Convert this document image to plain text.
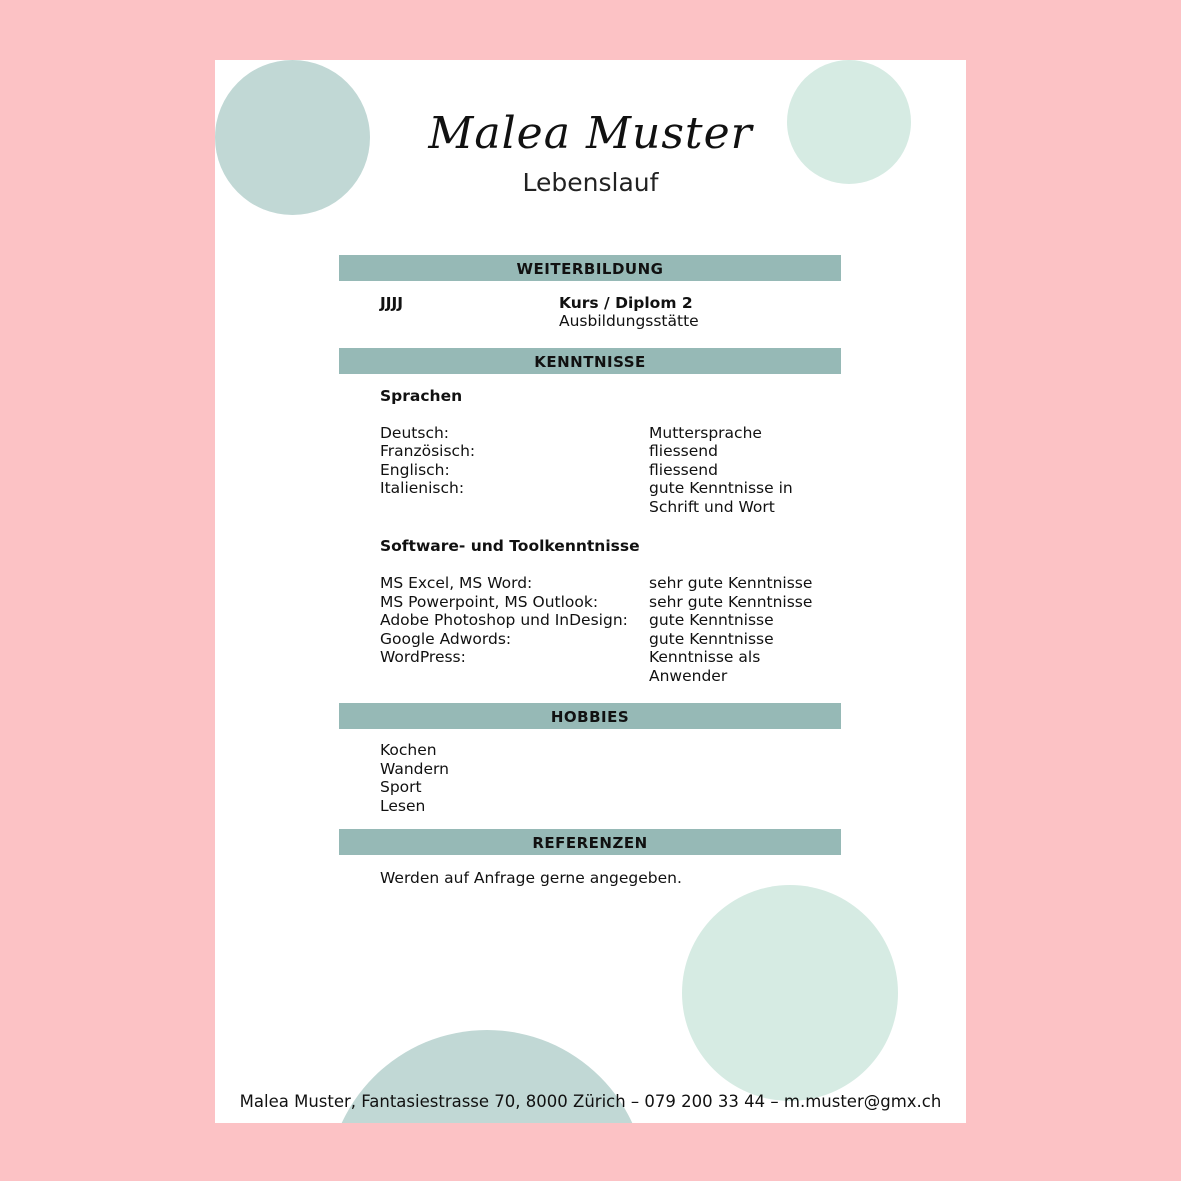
Malea Muster
Lebenslauf
WEITERBILDUNG
JJJJ	Kurs / Diplom 2
Ausbildungsstätte
KENNTNISSE
Sprachen
Deutsch:	Muttersprache
Französisch:	fliessend
Englisch:	fliessend
Italienisch:	gute Kenntnisse in
Schrift und Wort
Software- und Toolkenntnisse
MS Excel, MS Word:	sehr gute Kenntnisse
MS Powerpoint, MS Outlook:	sehr gute Kenntnisse
Adobe Photoshop und InDesign: gute Kenntnisse
Google Adwords:	gute Kenntnisse
WordPress:	Kenntnisse als
Anwender
HOBBIES
Kochen
Wandern
Sport
Lesen
REFERENZEN
Werden auf Anfrage gerne angegeben.
Malea Muster, Fantasiestrasse 70, 8000 Zürich – 079 200 33 44 – m.muster@gmx.ch
